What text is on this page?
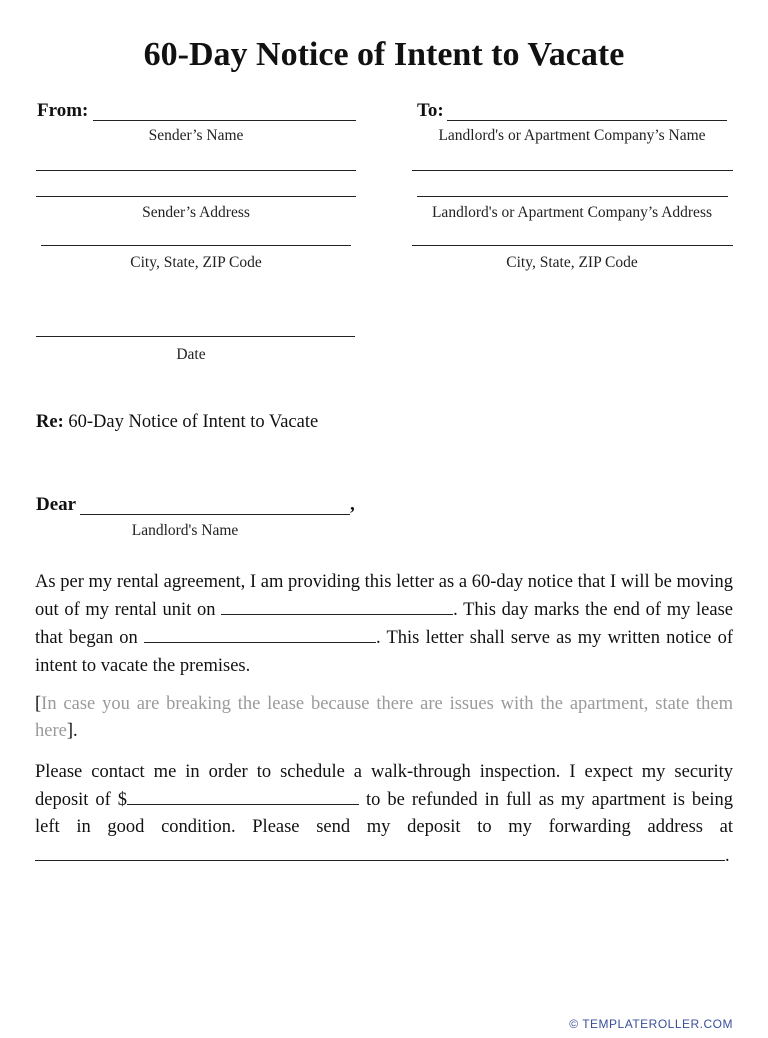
60-Day Notice of Intent to Vacate
From:
Sender’s Name
Sender’s Address
City, State, ZIP Code
Date
To:
Landlord's or Apartment Company’s Name
Landlord's or Apartment Company’s Address
City, State, ZIP Code
Re: 60-Day Notice of Intent to Vacate
Dear	,
Landlord's Name
As per my rental agreement, I am providing this letter as a 60-day notice that I will be moving out of my rental unit on	. This day marks the end of my lease that began on	. This letter shall serve as my written notice of intent to vacate the premises.
[In case you are breaking the lease because there are issues with the apartment, state them here].
Please contact me in order to schedule a walk-through inspection. I expect my security deposit of $	to be refunded in full as my apartment is being left in good condition. Please send my deposit to my forwarding address at .
© TEMPLATEROLLER.COM
